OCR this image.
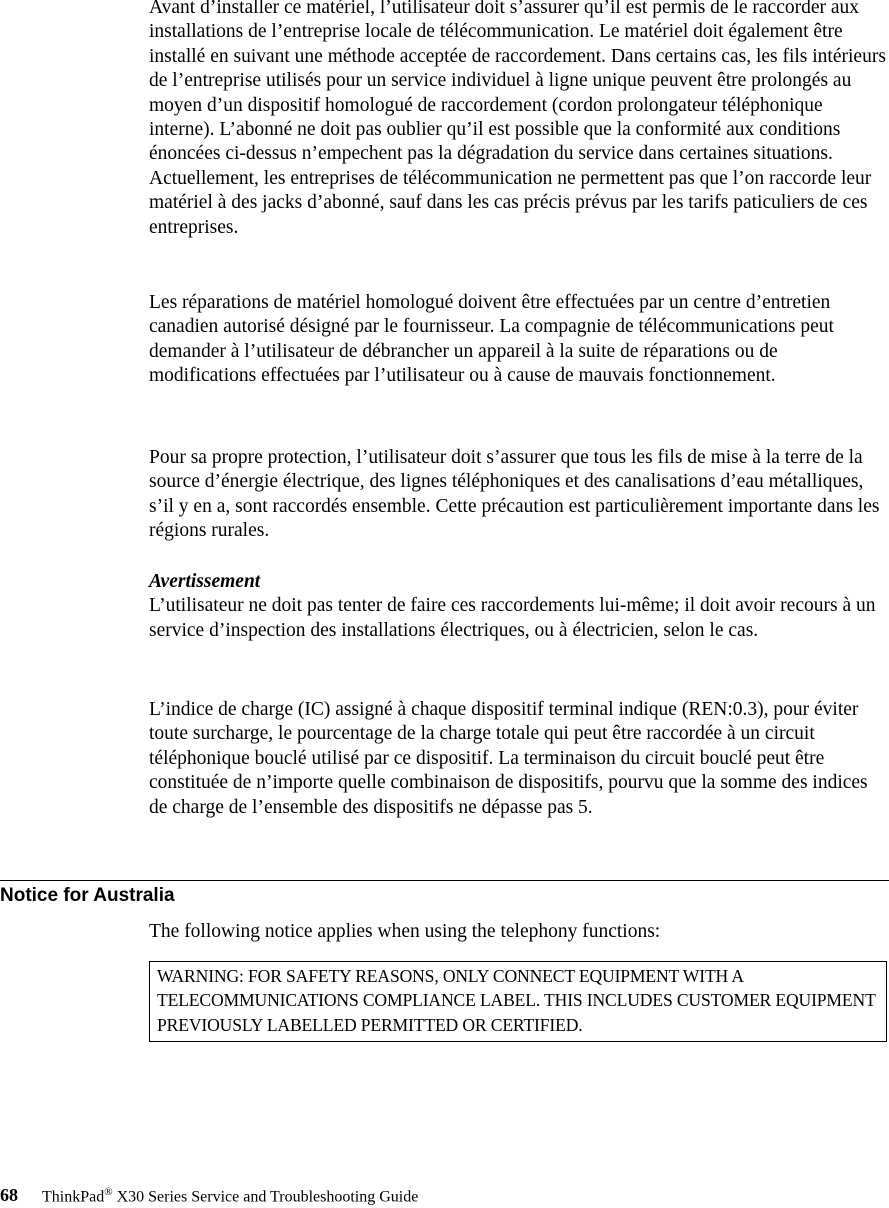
Avant d’installer ce matériel, l’utilisateur doit s’assurer qu’il est permis de le raccorder aux installations de l’entreprise locale de télécommunication. Le matériel doit également être installé en suivant une méthode acceptée de raccordement. Dans certains cas, les fils intérieurs de l’entreprise utilisés pour un service individuel à ligne unique peuvent être prolongés au moyen d’un dispositif homologué de raccordement (cordon prolongateur téléphonique interne). L’abonné ne doit pas oublier qu’il est possible que la conformité aux conditions énoncées ci-dessus n’empechent pas la dégradation du service dans certaines situations. Actuellement, les entreprises de télécommunication ne permettent pas que l’on raccorde leur matériel à des jacks d’abonné, sauf dans les cas précis prévus par les tarifs paticuliers de ces entreprises.

Les réparations de matériel homologué doivent être effectuées par un centre d’entretien canadien autorisé désigné par le fournisseur. La compagnie de télécommunications peut demander à l’utilisateur de débrancher un appareil à la suite de réparations ou de modifications effectuées par l’utilisateur ou à cause de mauvais fonctionnement.

Pour sa propre protection, l’utilisateur doit s’assurer que tous les fils de mise à la terre de la source d’énergie électrique, des lignes téléphoniques et des canalisations d’eau métalliques, s’il y en a, sont raccordés ensemble. Cette précaution est particulièrement importante dans les régions rurales.

Avertissement
L’utilisateur ne doit pas tenter de faire ces raccordements lui-même; il doit avoir recours à un service d’inspection des installations électriques, ou à électricien, selon le cas.

L’indice de charge (IC) assigné à chaque dispositif terminal indique (REN:0.3), pour éviter toute surcharge, le pourcentage de la charge totale qui peut être raccordée à un circuit téléphonique bouclé utilisé par ce dispositif. La terminaison du circuit bouclé peut être constituée de n’importe quelle combinaison de dispositifs, pourvu que la somme des indices de charge de l’ensemble des dispositifs ne dépasse pas 5.

Notice for Australia

The following notice applies when using the telephony functions:

WARNING: FOR SAFETY REASONS, ONLY CONNECT EQUIPMENT WITH A TELECOMMUNICATIONS COMPLIANCE LABEL. THIS INCLUDES CUSTOMER EQUIPMENT PREVIOUSLY LABELLED PERMITTED OR CERTIFIED.
68 ThinkPad® X30 Series Service and Troubleshooting Guide
